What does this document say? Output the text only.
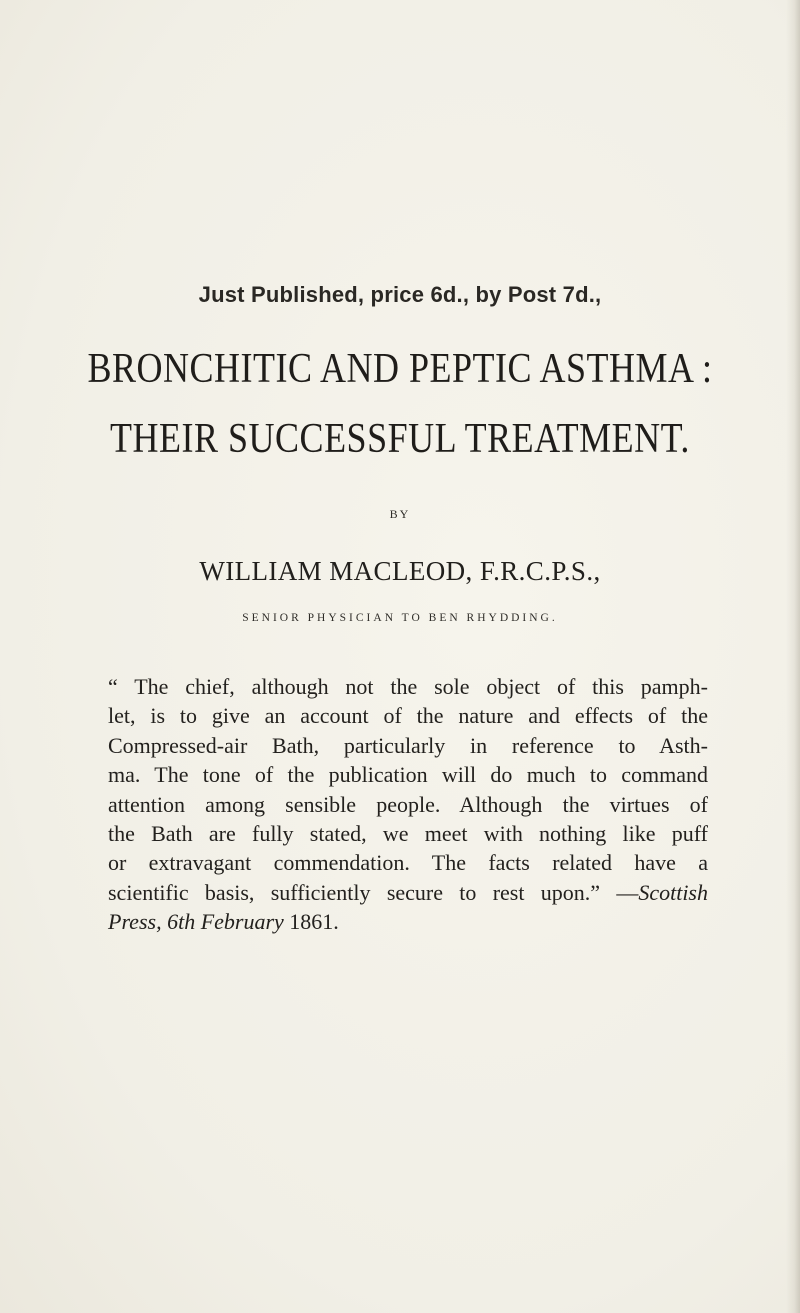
Just Published, price 6d., by Post 7d.,
BRONCHITIC AND PEPTIC ASTHMA :
THEIR SUCCESSFUL TREATMENT.
BY
WILLIAM MACLEOD, F.R.C.P.S.,
SENIOR PHYSICIAN TO BEN RHYDDING.
“ The chief, although not the sole object of this pamph-
let, is to give an account of the nature and effects of the
Compressed-air Bath, particularly in reference to Asth-
ma. The tone of the publication will do much to command
attention among sensible people. Although the virtues of
the Bath are fully stated, we meet with nothing like puff
or extravagant commendation. The facts related have a
scientific basis, sufficiently secure to rest upon.” —Scottish
Press, 6th February 1861.
